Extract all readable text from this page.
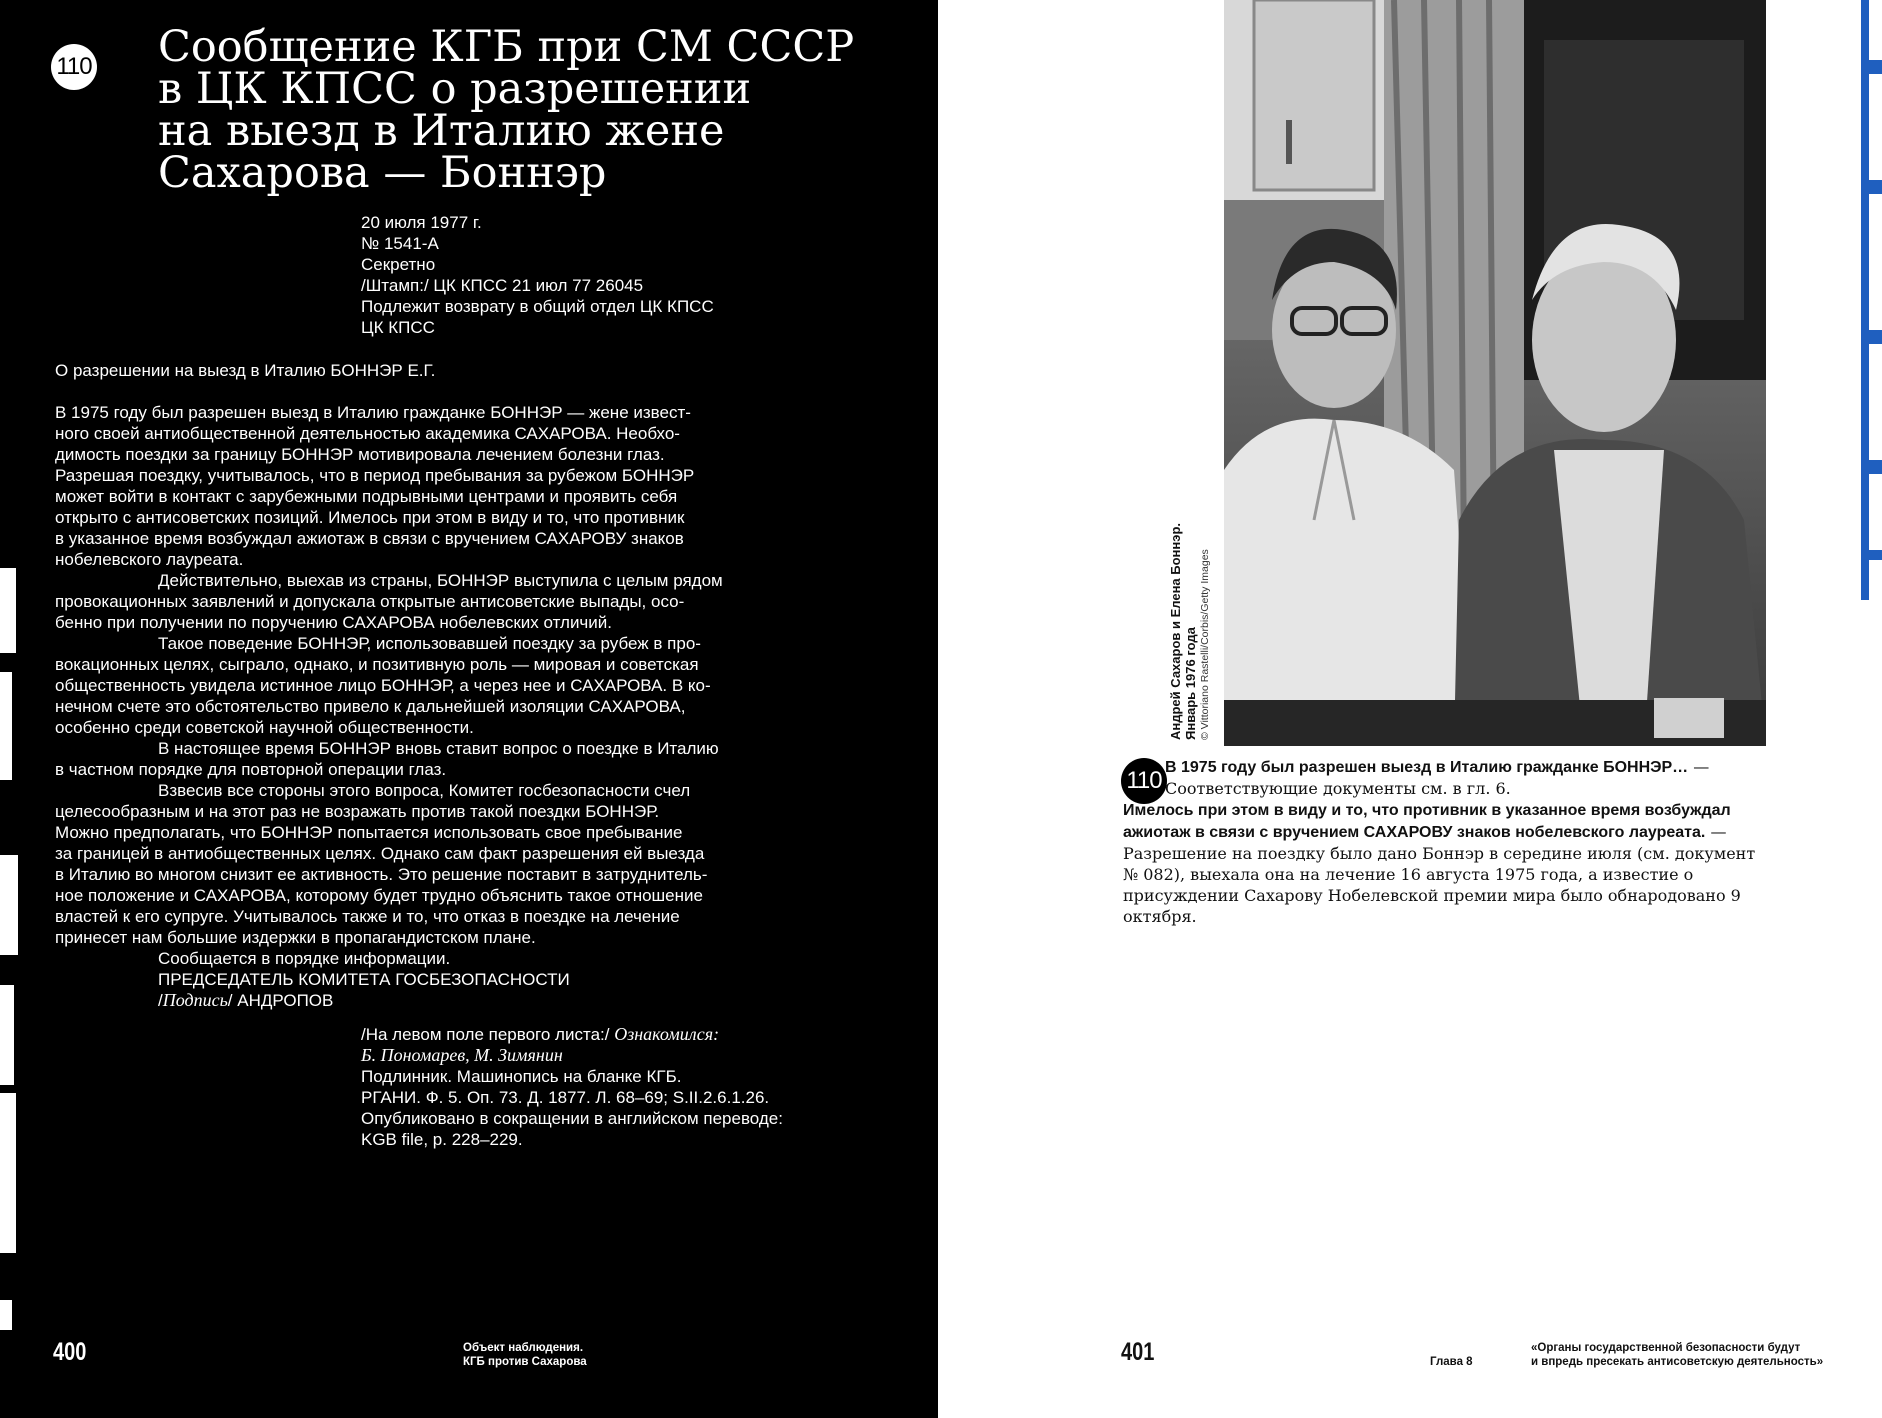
110 Сообщение КГБ при СМ СССР
в ЦК КПСС о разрешении
на выезд в Италию жене
Сахарова — Боннэр
20 июля 1977 г.
№ 1541-А
Секретно
/Штамп:/ ЦК КПСС 21 июл 77 26045
Подлежит возврату в общий отдел ЦК КПСС
ЦК КПСС

О разрешении на выезд в Италию БОННЭР Е.Г.

В 1975 году был разрешен выезд в Италию гражданке БОННЭР — жене извест-
ного своей антиобщественной деятельностью академика САХАРОВА. Необхо-
димость поездки за границу БОННЭР мотивировала лечением болезни глаз.
Разрешая поездку, учитывалось, что в период пребывания за рубежом БОННЭР
может войти в контакт с зарубежными подрывными центрами и проявить себя
открыто с антисоветских позиций. Имелось при этом в виду и то, что противник
в указанное время возбуждал ажиотаж в связи с вручением САХАРОВУ знаков
нобелевского лауреата.
Действительно, выехав из страны, БОННЭР выступила с целым рядом
провокационных заявлений и допускала открытые антисоветские выпады, осо-
бенно при получении по поручению САХАРОВА нобелевских отличий.
Такое поведение БОННЭР, использовавшей поездку за рубеж в про-
вокационных целях, сыграло, однако, и позитивную роль — мировая и советская
общественность увидела истинное лицо БОННЭР, а через нее и САХАРОВА. В ко-
нечном счете это обстоятельство привело к дальнейшей изоляции САХАРОВА,
особенно среди советской научной общественности.
В настоящее время БОННЭР вновь ставит вопрос о поездке в Италию
в частном порядке для повторной операции глаз.
Взвесив все стороны этого вопроса, Комитет госбезопасности счел
целесообразным и на этот раз не возражать против такой поездки БОННЭР.
Можно предполагать, что БОННЭР попытается использовать свое пребывание
за границей в антиобщественных целях. Однако сам факт разрешения ей выезда
в Италию во многом снизит ее активность. Это решение поставит в затруднитель-
ное положение и САХАРОВА, которому будет трудно объяснить такое отношение
властей к его супруге. Учитывалось также и то, что отказ в поездке на лечение
принесет нам большие издержки в пропагандистском плане.
Сообщается в порядке информации.
ПРЕДСЕДАТЕЛЬ КОМИТЕТА ГОСБЕЗОПАСНОСТИ
/Подпись/ АНДРОПОВ
/На левом поле первого листа:/ Ознакомился:
Б. Пономарев, М. Зимянин
Подлинник. Машинопись на бланке КГБ.
РГАНИ. Ф. 5. Оп. 73. Д. 1877. Л. 68–69; S.II.2.6.1.26.
Опубликовано в сокращении в английском переводе:
KGB file, p. 228–229.
400	Объект наблюдения.
КГБ против Сахарова
Андрей Сахаров и Елена Боннэр. Январь 1976 года © Vittoriano Rastelli/Corbis/Getty Images
110 В 1975 году был разрешен выезд в Италию гражданке БОННЭР… — Соответствующие документы см. в гл. 6.
Имелось при этом в виду и то, что противник в указанное время возбуждал ажиотаж в связи с вручением САХАРОВУ знаков нобелевского лауреата. — Разрешение на поездку было дано Боннэр в середине июля (см. документ № 082), выехала она на лечение 16 августа 1975 года, а известие о присуждении Сахарову Нобелевской премии мира было обнародовано 9 октября.
401	Глава 8
«Органы государственной безопасности будут
и впредь пресекать антисоветскую деятельность»
